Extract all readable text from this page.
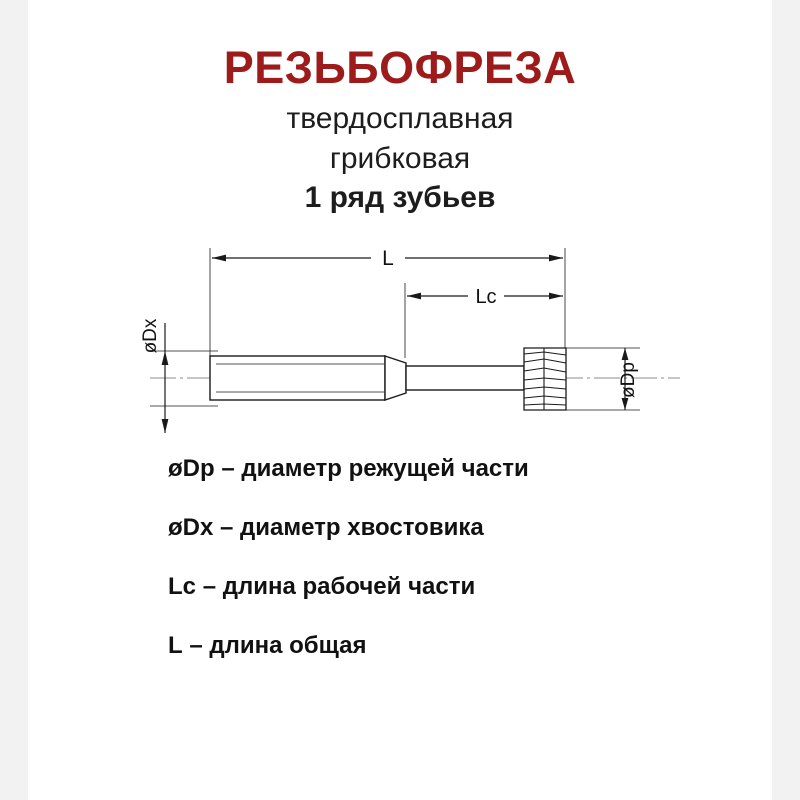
РЕЗЬБОФРЕЗА
твердосплавная
грибковая
1 ряд зубьев
L
Lc
øDx
øDp
øDp – диаметр режущей части
øDx – диаметр хвостовика
Lc – длина рабочей части
L – длина общая
